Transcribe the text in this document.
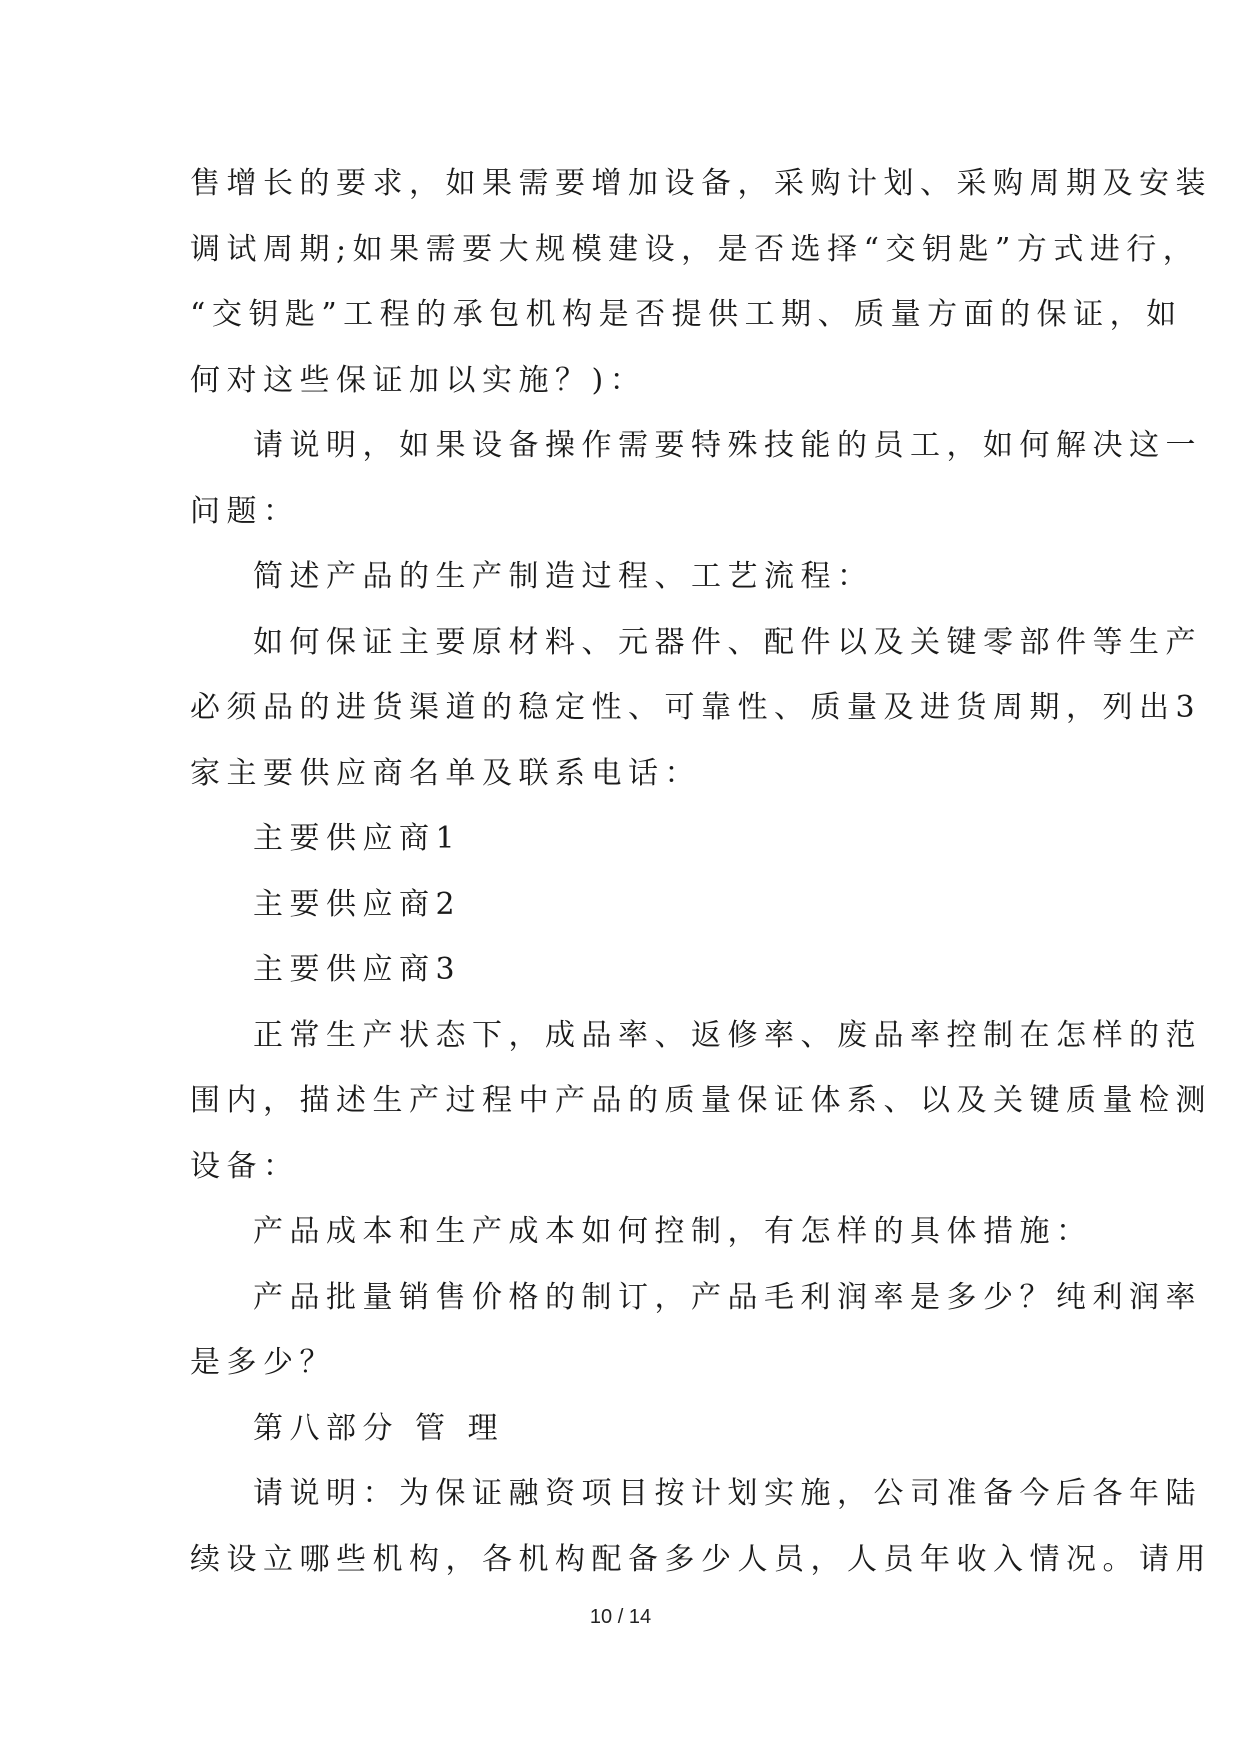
售增长的要求，如果需要增加设备，采购计划、采购周期及安装
调试周期;如果需要大规模建设，是否选择“交钥匙”方式进行，
“交钥匙”工程的承包机构是否提供工期、质量方面的保证，如
何对这些保证加以实施？)：

请说明，如果设备操作需要特殊技能的员工，如何解决这一
问题：

简述产品的生产制造过程、工艺流程：

如何保证主要原材料、元器件、配件以及关键零部件等生产
必须品的进货渠道的稳定性、可靠性、质量及进货周期，列出3
家主要供应商名单及联系电话：

主要供应商1

主要供应商2

主要供应商3

正常生产状态下，成品率、返修率、废品率控制在怎样的范
围内，描述生产过程中产品的质量保证体系、以及关键质量检测
设备：

产品成本和生产成本如何控制，有怎样的具体措施：

产品批量销售价格的制订，产品毛利润率是多少？纯利润率
是多少？

第八部分 管 理

请说明：为保证融资项目按计划实施，公司准备今后各年陆
续设立哪些机构，各机构配备多少人员，人员年收入情况。请用

10 / 14
